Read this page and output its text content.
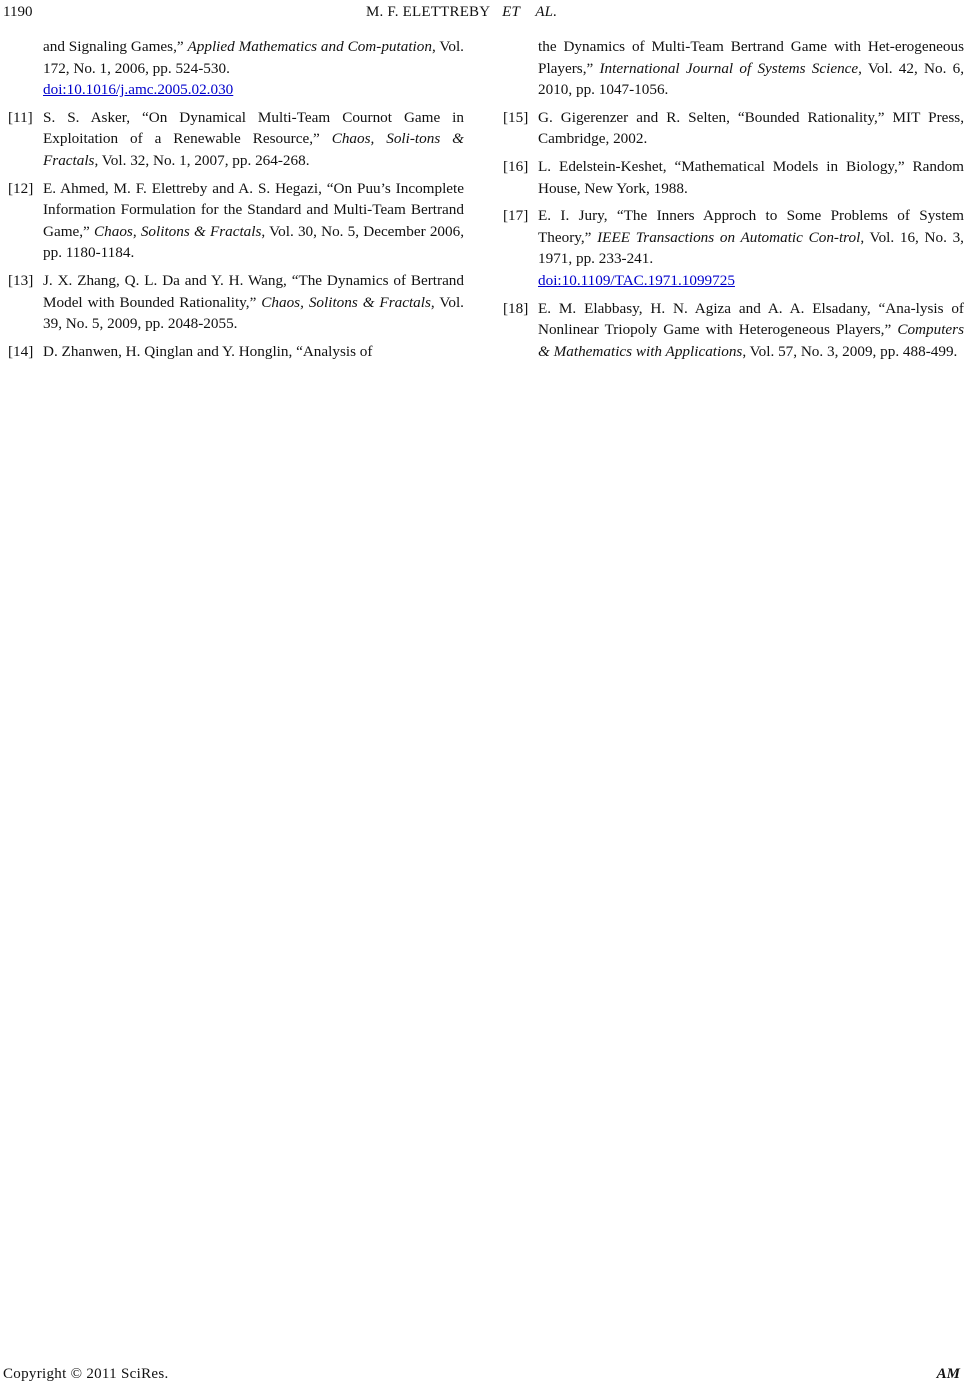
1190	M. F. ELETTREBY ET    AL.

and Signaling Games,” Applied Mathematics and Com-putation, Vol. 172, No. 1, 2006, pp. 524-530.
doi:10.1016/j.amc.2005.02.030

[11] S. S. Asker, “On Dynamical Multi-Team Cournot Game in Exploitation of a Renewable Resource,” Chaos, Soli-tons & Fractals, Vol. 32, No. 1, 2007, pp. 264-268.

[12] E. Ahmed, M. F. Elettreby and A. S. Hegazi, “On Puu’s Incomplete Information Formulation for the Standard and Multi-Team Bertrand Game,” Chaos, Solitons & Fractals, Vol. 30, No. 5, December 2006, pp. 1180-1184.

[13] J. X. Zhang, Q. L. Da and Y. H. Wang, “The Dynamics of Bertrand Model with Bounded Rationality,” Chaos, Solitons & Fractals, Vol. 39, No. 5, 2009, pp. 2048-2055.

[14] D. Zhanwen, H. Qinglan and Y. Honglin, “Analysis of

the Dynamics of Multi-Team Bertrand Game with Het-erogeneous Players,” International Journal of Systems Science, Vol. 42, No. 6, 2010, pp. 1047-1056.

[15] G. Gigerenzer and R. Selten, “Bounded Rationality,” MIT Press, Cambridge, 2002.

[16] L. Edelstein-Keshet, “Mathematical Models in Biology,” Random House, New York, 1988.

[17] E. I. Jury, “The Inners Approch to Some Problems of System Theory,” IEEE Transactions on Automatic Con-trol, Vol. 16, No. 3, 1971, pp. 233-241.
doi:10.1109/TAC.1971.1099725

[18] E. M. Elabbasy, H. N. Agiza and A. A. Elsadany, “Ana-lysis of Nonlinear Triopoly Game with Heterogeneous Players,” Computers & Mathematics with Applications, Vol. 57, No. 3, 2009, pp. 488-499.

Copyright © 2011 SciRes.	AM
